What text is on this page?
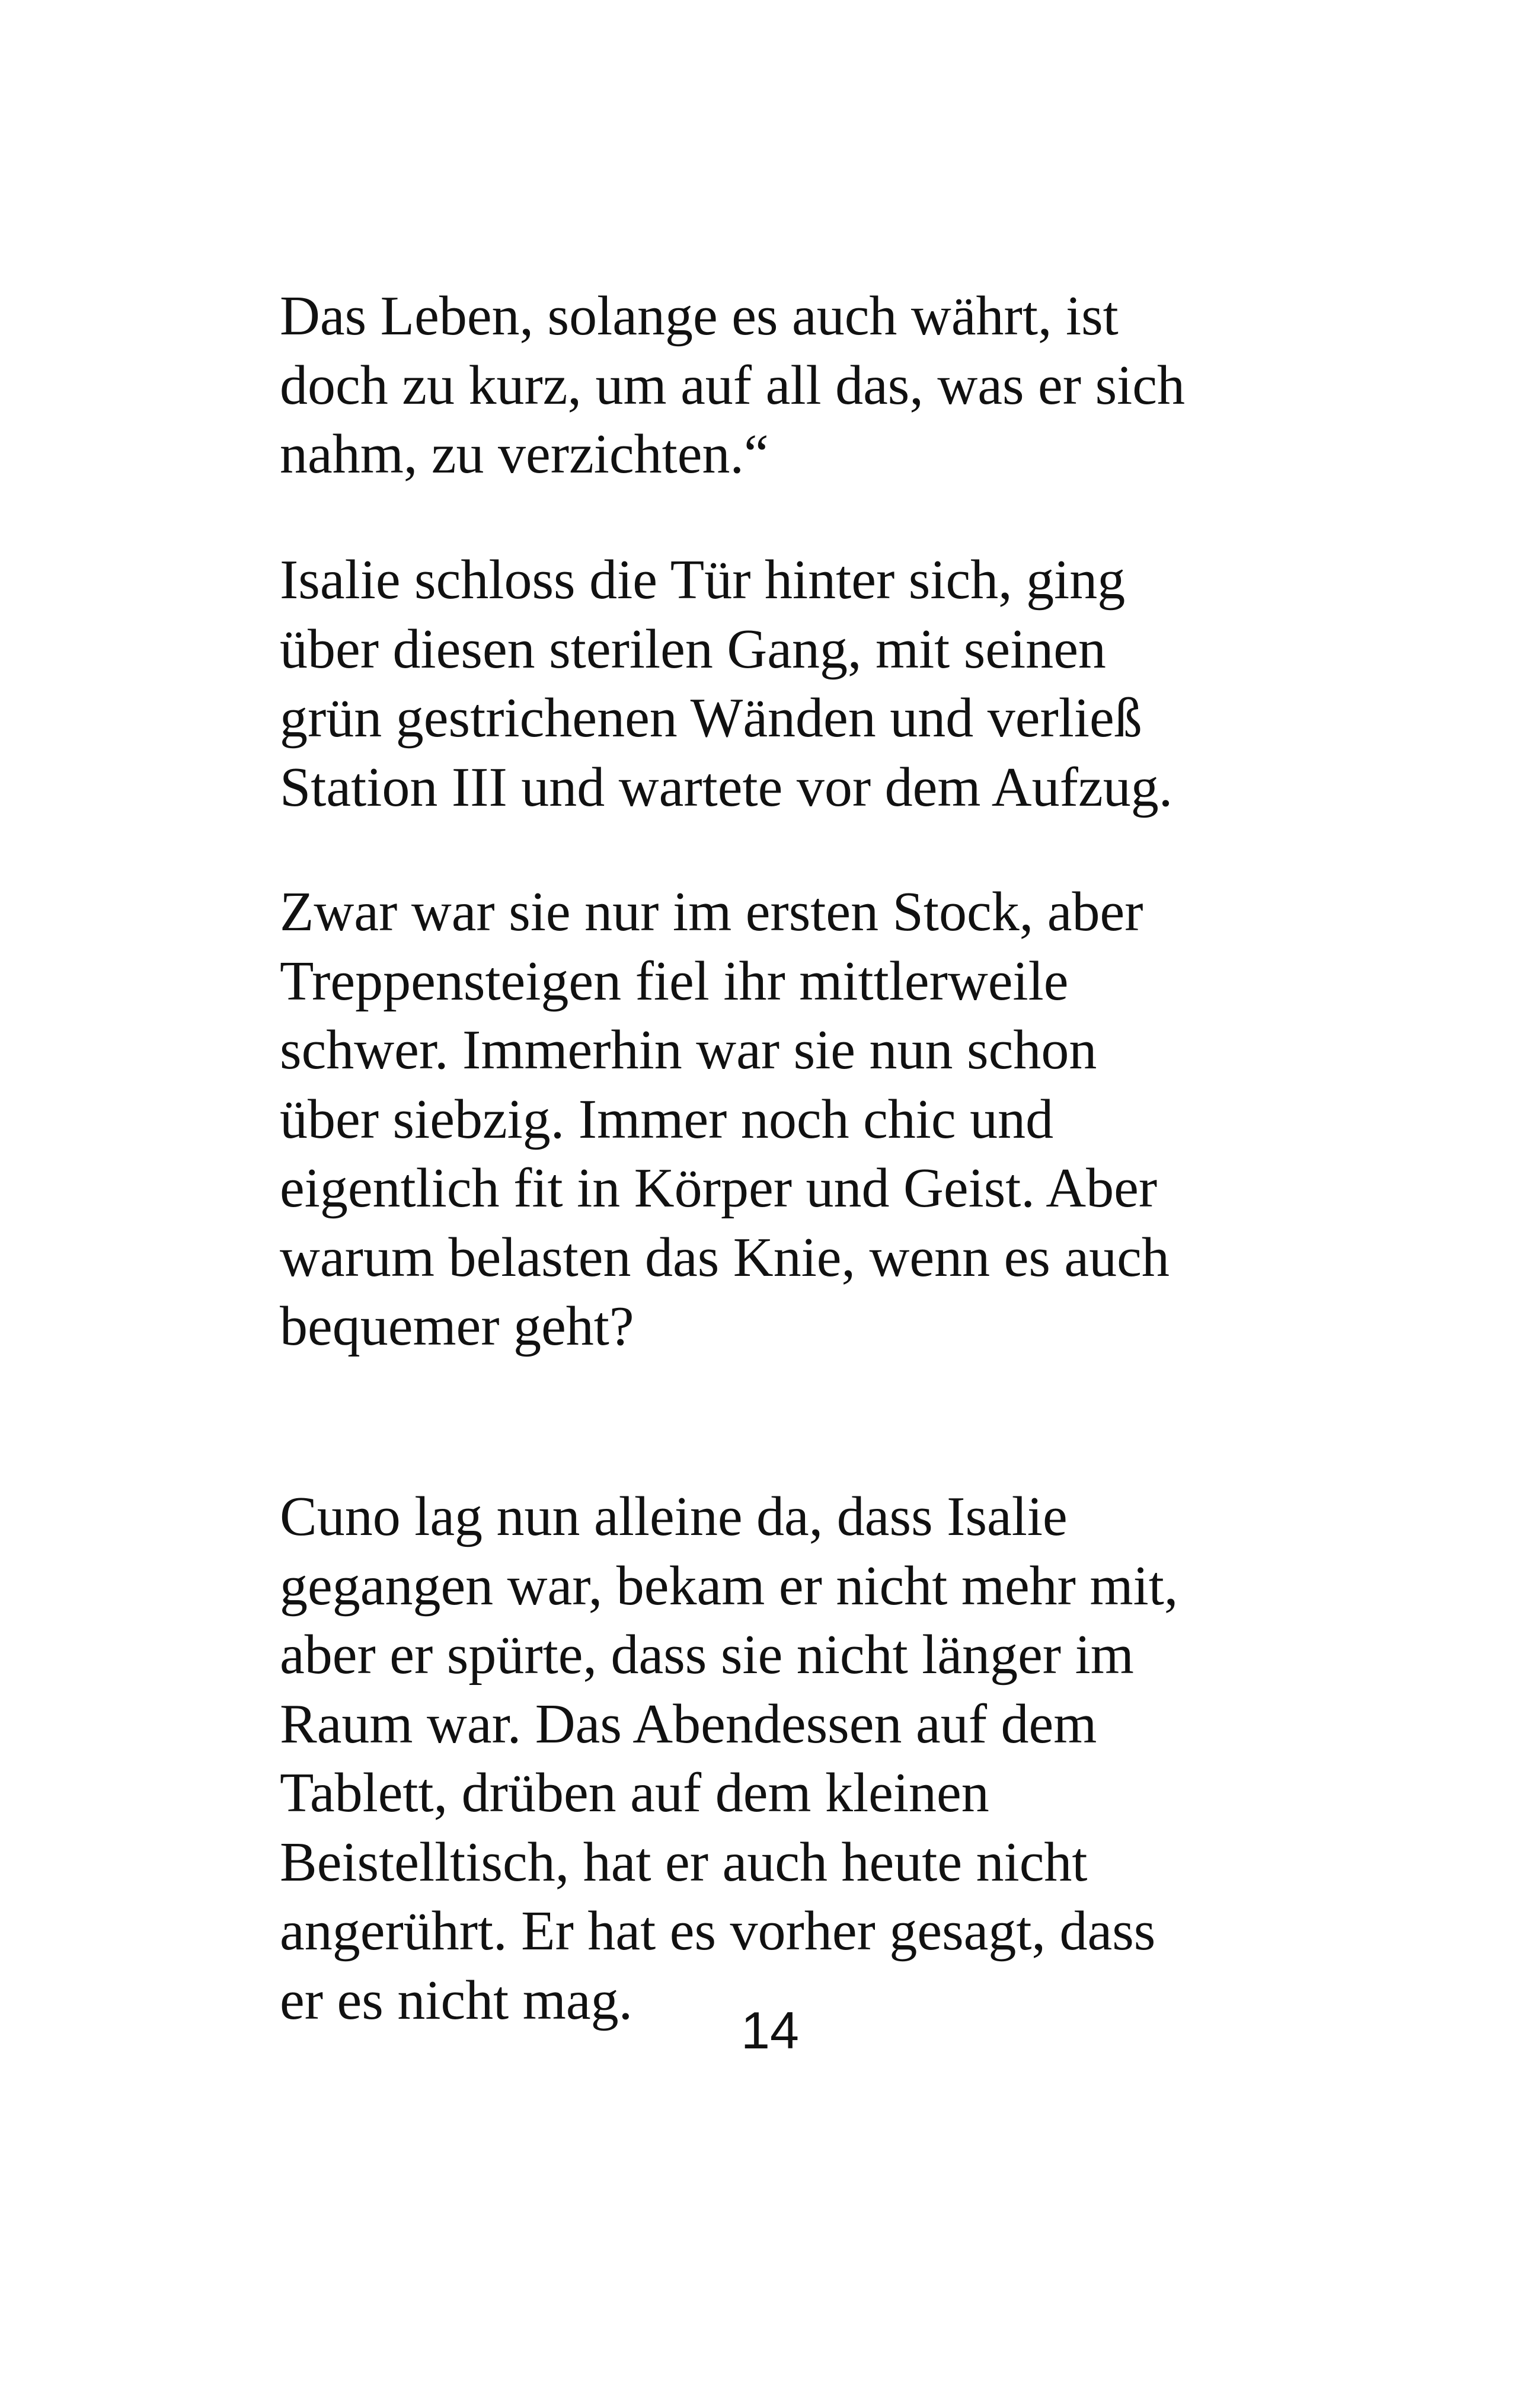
Das Leben, solange es auch währt, ist
doch zu kurz, um auf all das, was er sich
nahm, zu verzichten.“
Isalie schloss die Tür hinter sich, ging
über diesen sterilen Gang, mit seinen
grün gestrichenen Wänden und verließ
Station III und wartete vor dem Aufzug.
Zwar war sie nur im ersten Stock, aber
Treppensteigen fiel ihr mittlerweile
schwer. Immerhin war sie nun schon
über siebzig. Immer noch chic und
eigentlich fit in Körper und Geist. Aber
warum belasten das Knie, wenn es auch
bequemer geht?
Cuno lag nun alleine da, dass Isalie
gegangen war, bekam er nicht mehr mit,
aber er spürte, dass sie nicht länger im
Raum war. Das Abendessen auf dem
Tablett, drüben auf dem kleinen
Beistelltisch, hat er auch heute nicht
angerührt. Er hat es vorher gesagt, dass
er es nicht mag.	14
